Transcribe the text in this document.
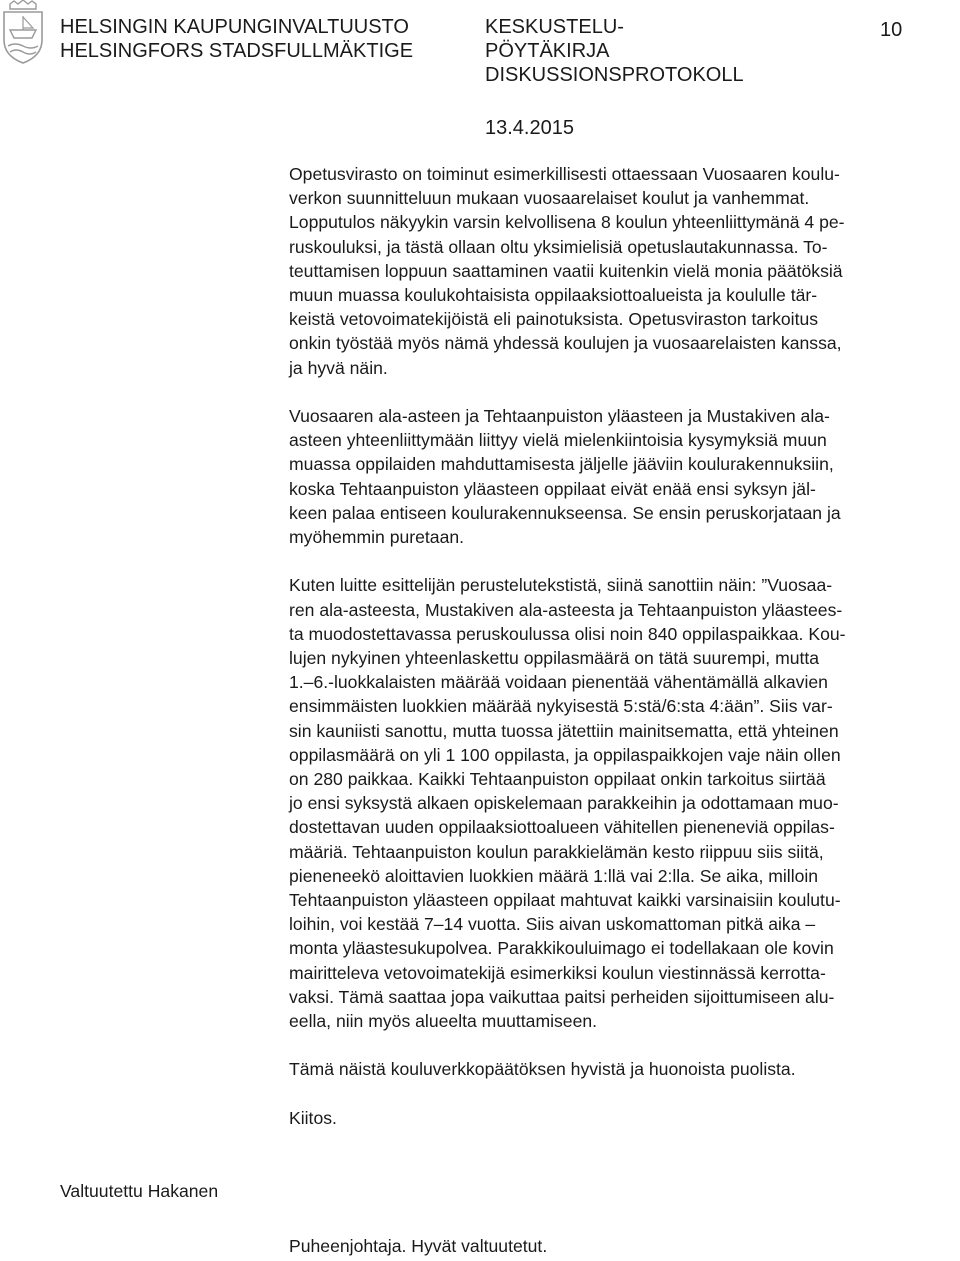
HELSINGIN KAUPUNGINVALTUUSTO
HELSINGFORS STADSFULLMÄKTIGE
KESKUSTELU-
PÖYTÄKIRJA
DISKUSSIONSPROTOKOLL
10
13.4.2015
Opetusvirasto on toiminut esimerkillisesti ottaessaan Vuosaaren koulu-
verkon suunnitteluun mukaan vuosaarelaiset koulut ja vanhemmat.
Lopputulos näkyykin varsin kelvollisena 8 koulun yhteenliittymänä 4 pe-
ruskouluksi, ja tästä ollaan oltu yksimielisiä opetuslautakunnassa. To-
teuttamisen loppuun saattaminen vaatii kuitenkin vielä monia päätöksiä
muun muassa koulukohtaisista oppilaaksiottoalueista ja koululle tär-
keistä vetovoimatekijöistä eli painotuksista. Opetusviraston tarkoitus
onkin työstää myös nämä yhdessä koulujen ja vuosaarelaisten kanssa,
ja hyvä näin.
Vuosaaren ala-asteen ja Tehtaanpuiston yläasteen ja Mustakiven ala-
asteen yhteenliittymään liittyy vielä mielenkiintoisia kysymyksiä muun
muassa oppilaiden mahduttamisesta jäljelle jääviin koulurakennuksiin,
koska Tehtaanpuiston yläasteen oppilaat eivät enää ensi syksyn jäl-
keen palaa entiseen koulurakennukseensa. Se ensin peruskorjataan ja
myöhemmin puretaan.
Kuten luitte esittelijän perustelutekstistä, siinä sanottiin näin: ”Vuosaa-
ren ala-asteesta, Mustakiven ala-asteesta ja Tehtaanpuiston yläastees-
ta muodostettavassa peruskoulussa olisi noin 840 oppilaspaikkaa. Kou-
lujen nykyinen yhteenlaskettu oppilasmäärä on tätä suurempi, mutta
1.–6.-luokkalaisten määrää voidaan pienentää vähentämällä alkavien
ensimmäisten luokkien määrää nykyisestä 5:stä/6:sta 4:ään”. Siis var-
sin kauniisti sanottu, mutta tuossa jätettiin mainitsematta, että yhteinen
oppilasmäärä on yli 1 100 oppilasta, ja oppilaspaikkojen vaje näin ollen
on 280 paikkaa. Kaikki Tehtaanpuiston oppilaat onkin tarkoitus siirtää
jo ensi syksystä alkaen opiskelemaan parakkeihin ja odottamaan muo-
dostettavan uuden oppilaaksiottoalueen vähitellen pieneneviä oppilas-
määriä. Tehtaanpuiston koulun parakkielämän kesto riippuu siis siitä,
pieneneekö aloittavien luokkien määrä 1:llä vai 2:lla. Se aika, milloin
Tehtaanpuiston yläasteen oppilaat mahtuvat kaikki varsinaisiin koulutu-
loihin, voi kestää 7–14 vuotta. Siis aivan uskomattoman pitkä aika –
monta yläastesukupolvea. Parakkikouluimago ei todellakaan ole kovin
mairitteleva vetovoimatekijä esimerkiksi koulun viestinnässä kerrotta-
vaksi. Tämä saattaa jopa vaikuttaa paitsi perheiden sijoittumiseen alu-
eella, niin myös alueelta muuttamiseen.
Tämä näistä kouluverkkopäätöksen hyvistä ja huonoista puolista.
Kiitos.
Valtuutettu Hakanen
Puheenjohtaja. Hyvät valtuutetut.
